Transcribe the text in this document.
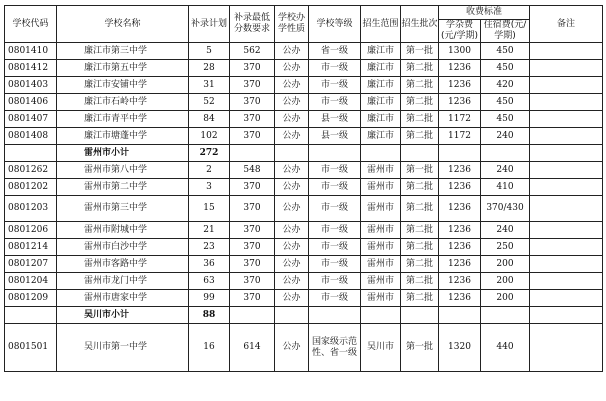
学校代码	学校名称	补录计划	补录最低分数要求	学校办学性质	学校等级	招生范围	招生批次	收费标准		备注
								学杂费(元/学期)	住宿费(元/学期)	
0801410	廉江市第三中学	5	562	公办	省一级	廉江市	第一批	1300	450	
0801412	廉江市第五中学	28	370	公办	市一级	廉江市	第二批	1236	450	
0801403	廉江市安铺中学	31	370	公办	市一级	廉江市	第二批	1236	420	
0801406	廉江市石岭中学	52	370	公办	市一级	廉江市	第二批	1236	450	
0801407	廉江市青平中学	84	370	公办	县一级	廉江市	第二批	1172	450	
0801408	廉江市塘蓬中学	102	370	公办	县一级	廉江市	第二批	1172	240	
	雷州市小计	272								
0801262	雷州市第八中学	2	548	公办	市一级	雷州市	第一批	1236	240	
0801202	雷州市第二中学	3	370	公办	市一级	雷州市	第二批	1236	410	
0801203	雷州市第三中学	15	370	公办	市一级	雷州市	第二批	1236	370/430	
0801206	雷州市附城中学	21	370	公办	市一级	雷州市	第二批	1236	240	
0801214	雷州市白沙中学	23	370	公办	市一级	雷州市	第二批	1236	250	
0801207	雷州市客路中学	36	370	公办	市一级	雷州市	第二批	1236	200	
0801204	雷州市龙门中学	63	370	公办	市一级	雷州市	第二批	1236	200	
0801209	雷州市唐家中学	99	370	公办	市一级	雷州市	第二批	1236	200	
	吴川市小计	88								
0801501	吴川市第一中学	16	614	公办	国家级示范性、省一级	吴川市	第一批	1320	440	
